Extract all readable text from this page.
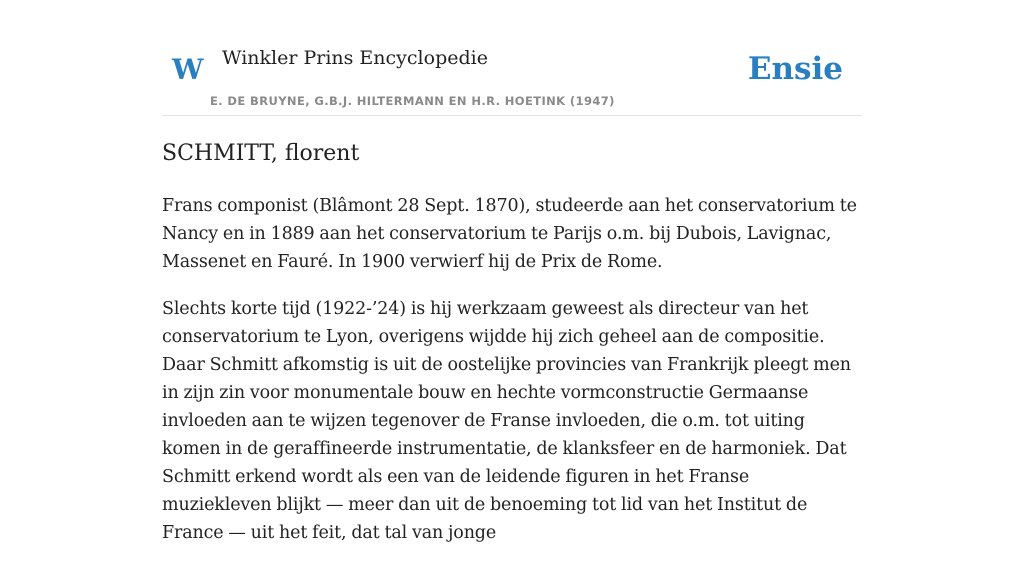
W Winkler Prins Encyclopedie
E. DE BRUYNE, G.B.J. HILTERMANN EN H.R. HOETINK (1947)
Ensie
SCHMITT, florent

Frans componist (Blâmont 28 Sept. 1870), studeerde aan het conservatorium te Nancy en in 1889 aan het conservatorium te Parijs o.m. bij Dubois, Lavignac, Massenet en Fauré. In 1900 verwierf hij de Prix de Rome.

Slechts korte tijd (1922-’24) is hij werkzaam geweest als directeur van het conservatorium te Lyon, overigens wijdde hij zich geheel aan de compositie. Daar Schmitt afkomstig is uit de oostelijke provincies van Frankrijk pleegt men in zijn zin voor monumentale bouw en hechte vormconstructie Germaanse invloeden aan te wijzen tegenover de Franse invloeden, die o.m. tot uiting komen in de geraffineerde instrumentatie, de klanksfeer en de harmoniek. Dat Schmitt erkend wordt als een van de leidende figuren in het Franse muziekleven blijkt — meer dan uit de benoeming tot lid van het Institut de France — uit het feit, dat tal van jonge
